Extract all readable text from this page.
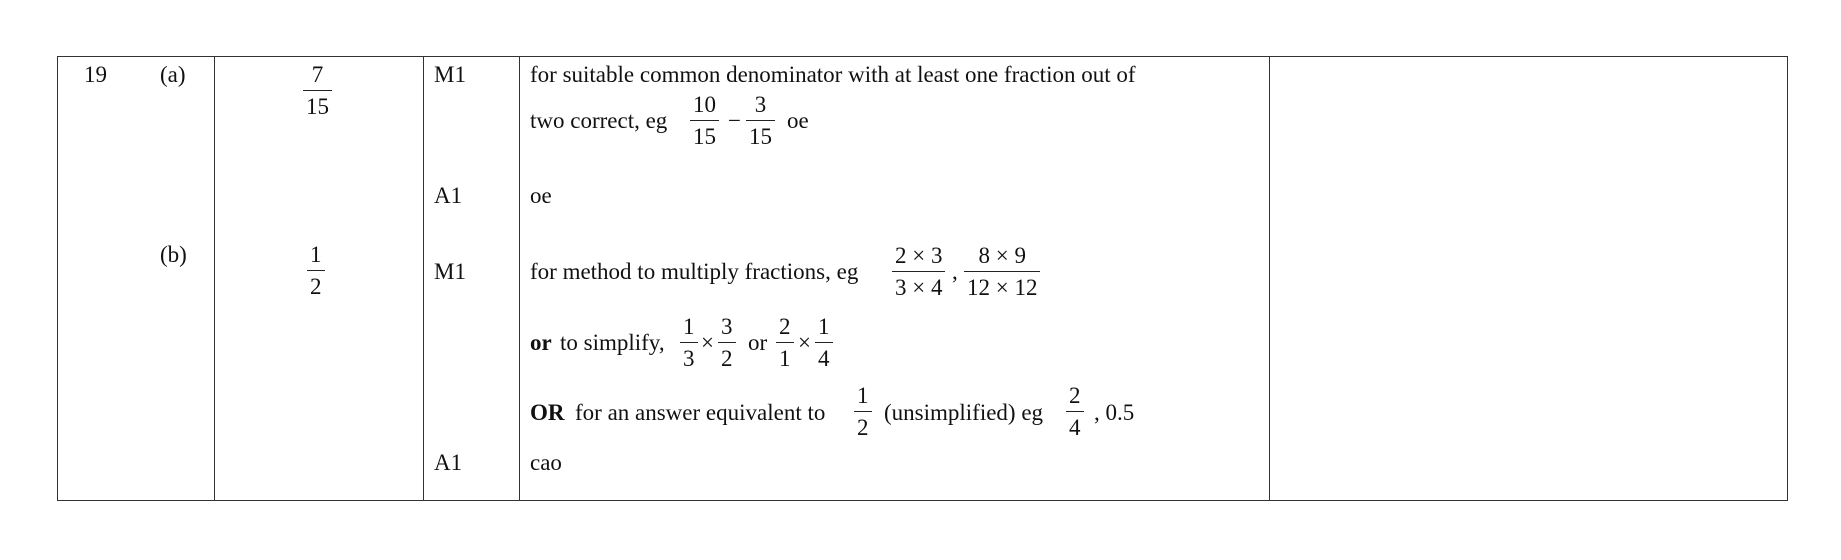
19 (a)
(b)
$\frac{7}{15}$
$\frac{1}{2}$
M1
A1
M1
A1
for suitable common denominator with at least one fraction out of
two correct, eg $\frac{10}{15} - \frac{3}{15}$ oe
oe
for method to multiply fractions, eg $\frac{2 \times 3}{3 \times 4}$ , $\frac{8 \times 9}{12 \times 12}$
or to simplify, $\frac{1}{3} \times \frac{3}{2}$ or $\frac{2}{1} \times \frac{1}{4}$
OR for an answer equivalent to $\frac{1}{2}$ (unsimplified) eg $\frac{2}{4}$ , 0.5
cao
